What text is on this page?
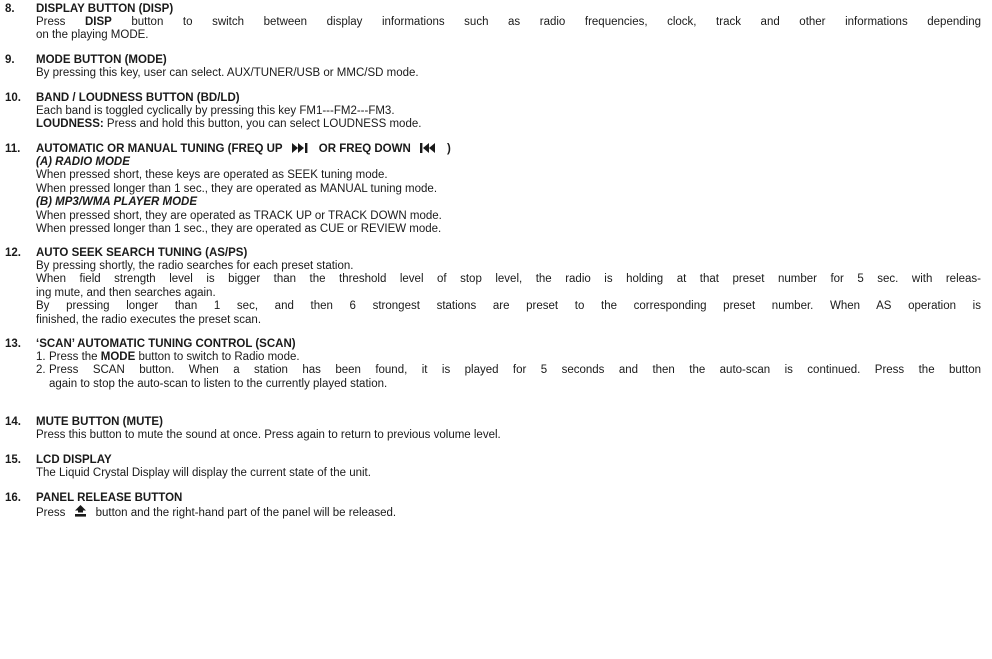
8. DISPLAY BUTTON (DISP)
Press DISP button to switch between display informations such as radio frequencies, clock, track and other informations depending
on the playing MODE.
9. MODE BUTTON (MODE)
By pressing this key, user can select. AUX/TUNER/USB or MMC/SD mode.
10. BAND / LOUDNESS BUTTON (BD/LD)
Each band is toggled cyclically by pressing this key FM1---FM2---FM3.
LOUDNESS: Press and hold this button, you can select LOUDNESS mode.
11. AUTOMATIC OR MANUAL TUNING (FREQ UP	OR FREQ DOWN	)
(A) RADIO MODE
When pressed short, these keys are operated as SEEK tuning mode.
When pressed longer than 1 sec., they are operated as MANUAL tuning mode.
(B) MP3/WMA PLAYER MODE
When pressed short, they are operated as TRACK UP or TRACK DOWN mode.
When pressed longer than 1 sec., they are operated as CUE or REVIEW mode.
12. AUTO SEEK SEARCH TUNING (AS/PS)
By pressing shortly, the radio searches for each preset station.
When field strength level is bigger than the threshold level of stop level, the radio is holding at that preset number for 5 sec. with releas-
ing mute, and then searches again.
By pressing longer than 1 sec, and then 6 strongest stations are preset to the corresponding preset number. When AS operation is
finished, the radio executes the preset scan.
13. ‘SCAN’ AUTOMATIC TUNING CONTROL (SCAN)
1. Press the MODE button to switch to Radio mode.
2. Press SCAN button. When a station has been found, it is played for 5 seconds and then the auto-scan is continued. Press the button
again to stop the auto-scan to listen to the currently played station.
14. MUTE BUTTON (MUTE)
Press this button to mute the sound at once. Press again to return to previous volume level.
15. LCD DISPLAY
The Liquid Crystal Display will display the current state of the unit.
16. PANEL RELEASE BUTTON
Press	button and the right-hand part of the panel will be released.
